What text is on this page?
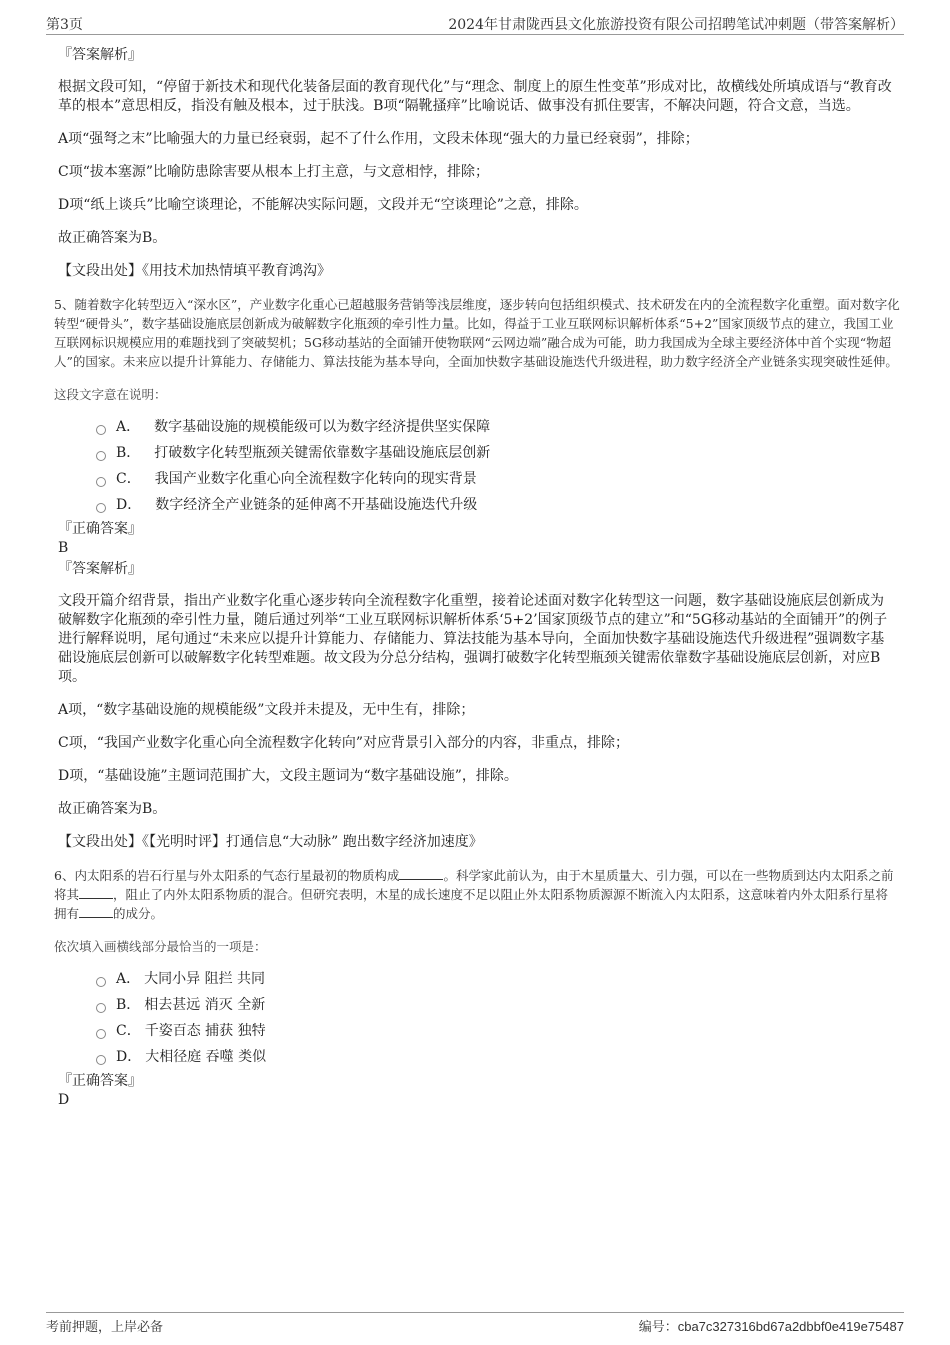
第3页	2024年甘肃陇西县文化旅游投资有限公司招聘笔试冲刺题（带答案解析）
『答案解析』

根据文段可知，“停留于新技术和现代化装备层面的教育现代化”与“理念、制度上的原生性变革”形成对比，故横线处所填成语与“教育改革的根本”意思相反，指没有触及根本，过于肤浅。B项“隔靴搔痒”比喻说话、做事没有抓住要害，不解决问题，符合文意，当选。

A项“强弩之末”比喻强大的力量已经衰弱，起不了什么作用，文段未体现“强大的力量已经衰弱”，排除；

C项“拔本塞源”比喻防患除害要从根本上打主意，与文意相悖，排除；

D项“纸上谈兵”比喻空谈理论，不能解决实际问题，文段并无“空谈理论”之意，排除。

故正确答案为B。

【文段出处】《用技术加热情填平教育鸿沟》

5、随着数字化转型迈入“深水区”，产业数字化重心已超越服务营销等浅层维度，逐步转向包括组织模式、技术研发在内的全流程数字化重塑。面对数字化转型“硬骨头”，数字基础设施底层创新成为破解数字化瓶颈的牵引性力量。比如，得益于工业互联网标识解析体系“5+2”国家顶级节点的建立，我国工业互联网标识规模应用的难题找到了突破契机；5G移动基站的全面铺开使物联网“云网边端”融合成为可能，助力我国成为全球主要经济体中首个实现“物超人”的国家。未来应以提升计算能力、存储能力、算法技能为基本导向，全面加快数字基础设施迭代升级进程，助力数字经济全产业链条实现突破性延伸。

这段文字意在说明：
A． 数字基础设施的规模能级可以为数字经济提供坚实保障
B． 打破数字化转型瓶颈关键需依靠数字基础设施底层创新
C． 我国产业数字化重心向全流程数字化转向的现实背景
D． 数字经济全产业链条的延伸离不开基础设施迭代升级
『正确答案』
B
『答案解析』

文段开篇介绍背景，指出产业数字化重心逐步转向全流程数字化重塑，接着论述面对数字化转型这一问题，数字基础设施底层创新成为破解数字化瓶颈的牵引性力量，随后通过列举“工业互联网标识解析体系‘5+2’国家顶级节点的建立”和“5G移动基站的全面铺开”的例子进行解释说明，尾句通过“未来应以提升计算能力、存储能力、算法技能为基本导向，全面加快数字基础设施迭代升级进程”强调数字基础设施底层创新可以破解数字化转型难题。故文段为分总分结构，强调打破数字化转型瓶颈关键需依靠数字基础设施底层创新，对应B项。

A项，“数字基础设施的规模能级”文段并未提及，无中生有，排除；

C项，“我国产业数字化重心向全流程数字化转向”对应背景引入部分的内容，非重点，排除；

D项，“基础设施”主题词范围扩大，文段主题词为“数字基础设施”，排除。

故正确答案为B。

【文段出处】《【光明时评】打通信息“大动脉” 跑出数字经济加速度》

6、内太阳系的岩石行星与外太阳系的气态行星最初的物质构成	。科学家此前认为，由于木星质量大、引力强，可以在一些物质到达内太阳系之前将其	，阻止了内外太阳系物质的混合。但研究表明，木星的成长速度不足以阻止外太阳系物质源源不断流入内太阳系，这意味着内外太阳系行星将拥有	的成分。

依次填入画横线部分最恰当的一项是：
A． 大同小异 阻拦 共同
B． 相去甚远 消灭 全新
C． 千姿百态 捕获 独特
D． 大相径庭 吞噬 类似
『正确答案』
D
考前押题，上岸必备	编号：cba7c327316bd67a2dbbf0e419e75487
